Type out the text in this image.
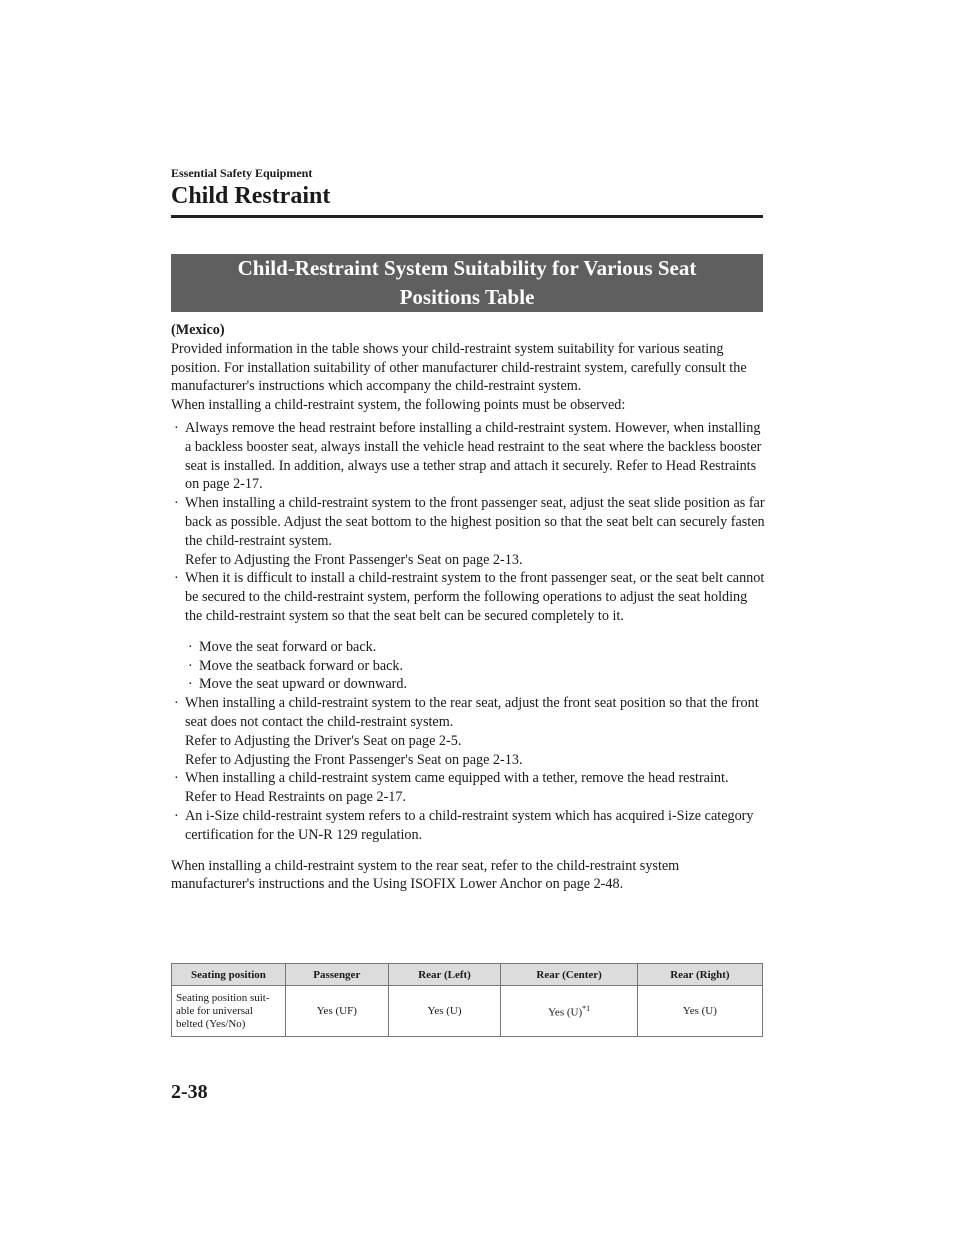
Essential Safety Equipment
Child Restraint
Child-Restraint System Suitability for Various Seat
Positions Table

(Mexico)

Provided information in the table shows your child-restraint system suitability for various seating position. For installation suitability of other manufacturer child-restraint system, carefully consult the manufacturer's instructions which accompany the child-restraint system.

When installing a child-restraint system, the following points must be observed:

· Always remove the head restraint before installing a child-restraint system. However, when installing a backless booster seat, always install the vehicle head restraint to the seat where the backless booster seat is installed. In addition, always use a tether strap and attach it securely. Refer to Head Restraints on page 2-17.
· When installing a child-restraint system to the front passenger seat, adjust the seat slide position as far back as possible. Adjust the seat bottom to the highest position so that the seat belt can securely fasten the child-restraint system.
Refer to Adjusting the Front Passenger's Seat on page 2-13.
· When it is difficult to install a child-restraint system to the front passenger seat, or the seat belt cannot be secured to the child-restraint system, perform the following operations to adjust the seat holding the child-restraint system so that the seat belt can be secured completely to it.
· Move the seat forward or back.
· Move the seatback forward or back.
· Move the seat upward or downward.
· When installing a child-restraint system to the rear seat, adjust the front seat position so that the front seat does not contact the child-restraint system.
Refer to Adjusting the Driver's Seat on page 2-5.
Refer to Adjusting the Front Passenger's Seat on page 2-13.
· When installing a child-restraint system came equipped with a tether, remove the head restraint.
Refer to Head Restraints on page 2-17.
· An i-Size child-restraint system refers to a child-restraint system which has acquired i-Size category certification for the UN-R 129 regulation.

When installing a child-restraint system to the rear seat, refer to the child-restraint system manufacturer's instructions and the Using ISOFIX Lower Anchor on page 2-48.

Seating position	Passenger	Rear (Left)	Rear (Center)	Rear (Right)
Seating position suit-able for universal belted (Yes/No)	Yes (UF)	Yes (U)	Yes $(U)^{*1}$	Yes (U)
2-38
